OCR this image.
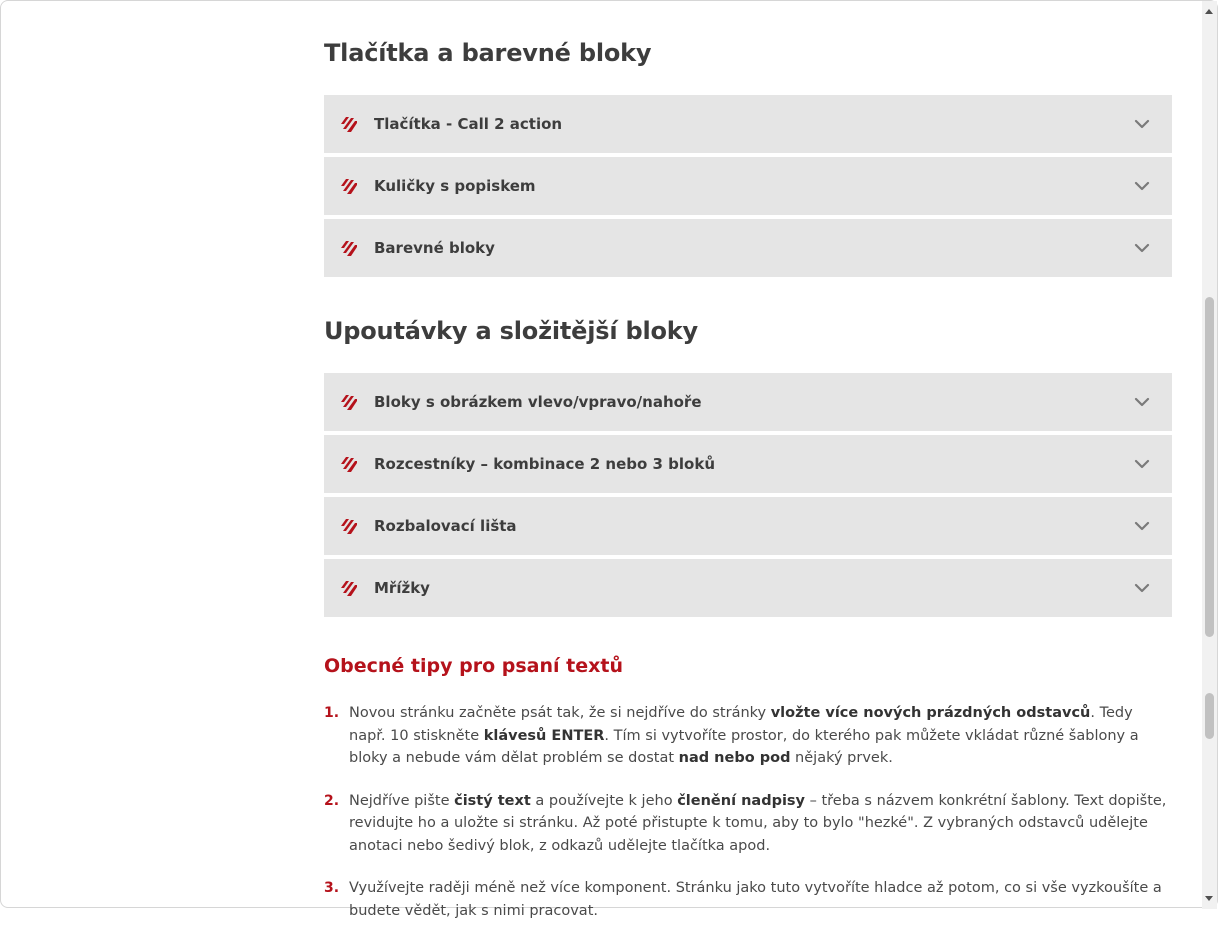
Tlačítka a barevné bloky
Tlačítka - Call 2 action
Kuličky s popiskem
Barevné bloky
Upoutávky a složitější bloky
Bloky s obrázkem vlevo/vpravo/nahoře
Rozcestníky – kombinace 2 nebo 3 bloků
Rozbalovací lišta
Mřížky
Obecné tipy pro psaní textů
1. Novou stránku začněte psát tak, že si nejdříve do stránky vložte více nových prázdných odstavců. Tedy např. 10 stiskněte klávesů ENTER. Tím si vytvoříte prostor, do kterého pak můžete vkládat různé šablony a bloky a nebude vám dělat problém se dostat nad nebo pod nějaký prvek.
2. Nejdříve pište čistý text a používejte k jeho členění nadpisy – třeba s názvem konkrétní šablony. Text dopište, revidujte ho a uložte si stránku. Až poté přistupte k tomu, aby to bylo "hezké". Z vybraných odstavců udělejte anotaci nebo šedivý blok, z odkazů udělejte tlačítka apod.
3. Využívejte raději méně než více komponent. Stránku jako tuto vytvoříte hladce až potom, co si vše vyzkoušíte a budete vědět, jak s nimi pracovat.
